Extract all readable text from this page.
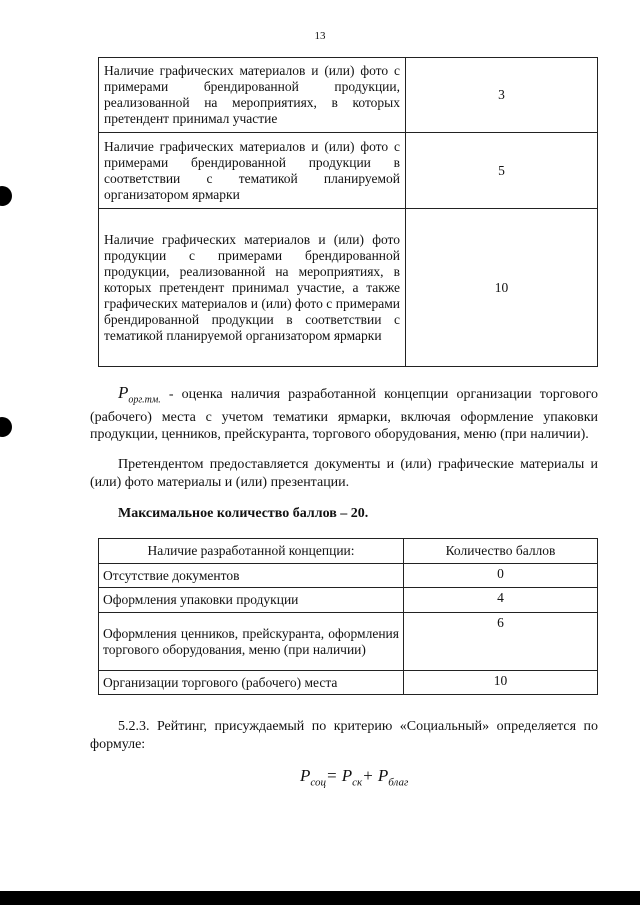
13
Наличие графических материалов и (или) фото с примерами брендированной продукции, реализованной на мероприятиях, в которых претендент принимал участие	3
Наличие графических материалов и (или) фото с примерами брендированной продукции в соответствии с тематикой планируемой организатором ярмарки	5
Наличие графических материалов и (или) фото продукции с примерами брендированной продукции, реализованной на мероприятиях, в которых претендент принимал участие, а также графических материалов и (или) фото с примерами брендированной продукции в соответствии с тематикой планируемой организатором ярмарки	10
$P_{орг.тм.}$ - оценка наличия разработанной концепции организации торгового (рабочего) места с учетом тематики ярмарки, включая оформление упаковки продукции, ценников, прейскуранта, торгового оборудования, меню (при наличии).
Претендентом предоставляется документы и (или) графические материалы и (или) фото материалы и (или) презентации.
Максимальное количество баллов – 20.
Наличие разработанной концепции:	Количество баллов
Отсутствие документов	0
Оформления упаковки продукции	4
Оформления ценников, прейскуранта, оформления торгового оборудования, меню (при наличии)	6
Организации торгового (рабочего) места	10
5.2.3. Рейтинг, присуждаемый по критерию «Социальный» определяется по формуле:
$P_{соц}= P_{ск}+ P_{благ}$
